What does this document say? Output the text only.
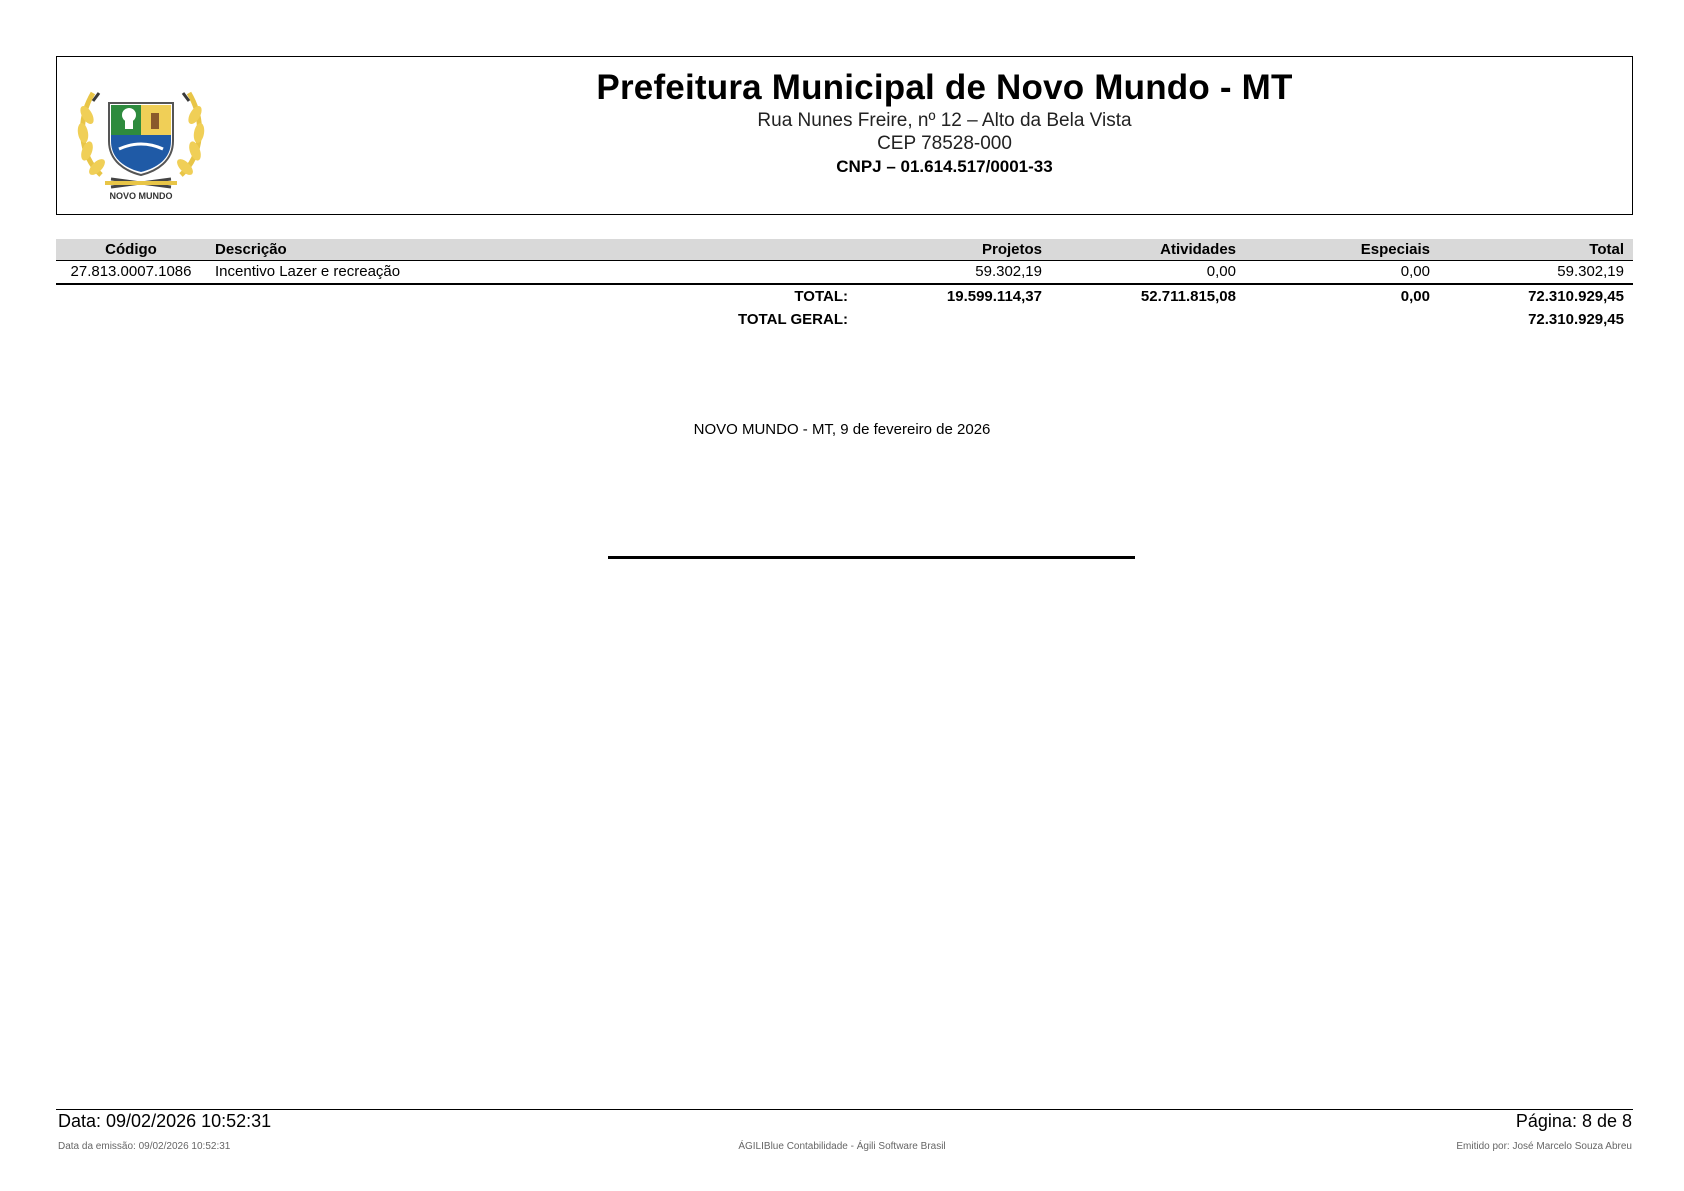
NOVO MUNDO
Prefeitura Municipal de Novo Mundo - MT
Rua Nunes Freire, nº 12 – Alto da Bela Vista
CEP 78528-000
CNPJ – 01.614.517/0001-33
Código	Descrição	Projetos	Atividades	Especiais	Total
27.813.0007.1086	Incentivo Lazer e recreação	59.302,19	0,00	0,00	59.302,19
	TOTAL:	19.599.114,37	52.711.815,08	0,00	72.310.929,45
	TOTAL GERAL:				72.310.929,45
NOVO MUNDO - MT, 9 de fevereiro de 2026
Data: 09/02/2026 10:52:31	Página: 8 de 8
Data da emissão: 09/02/2026 10:52:31	ÁGILIBlue Contabilidade - Ágili Software Brasil	Emitido por: José Marcelo Souza Abreu
